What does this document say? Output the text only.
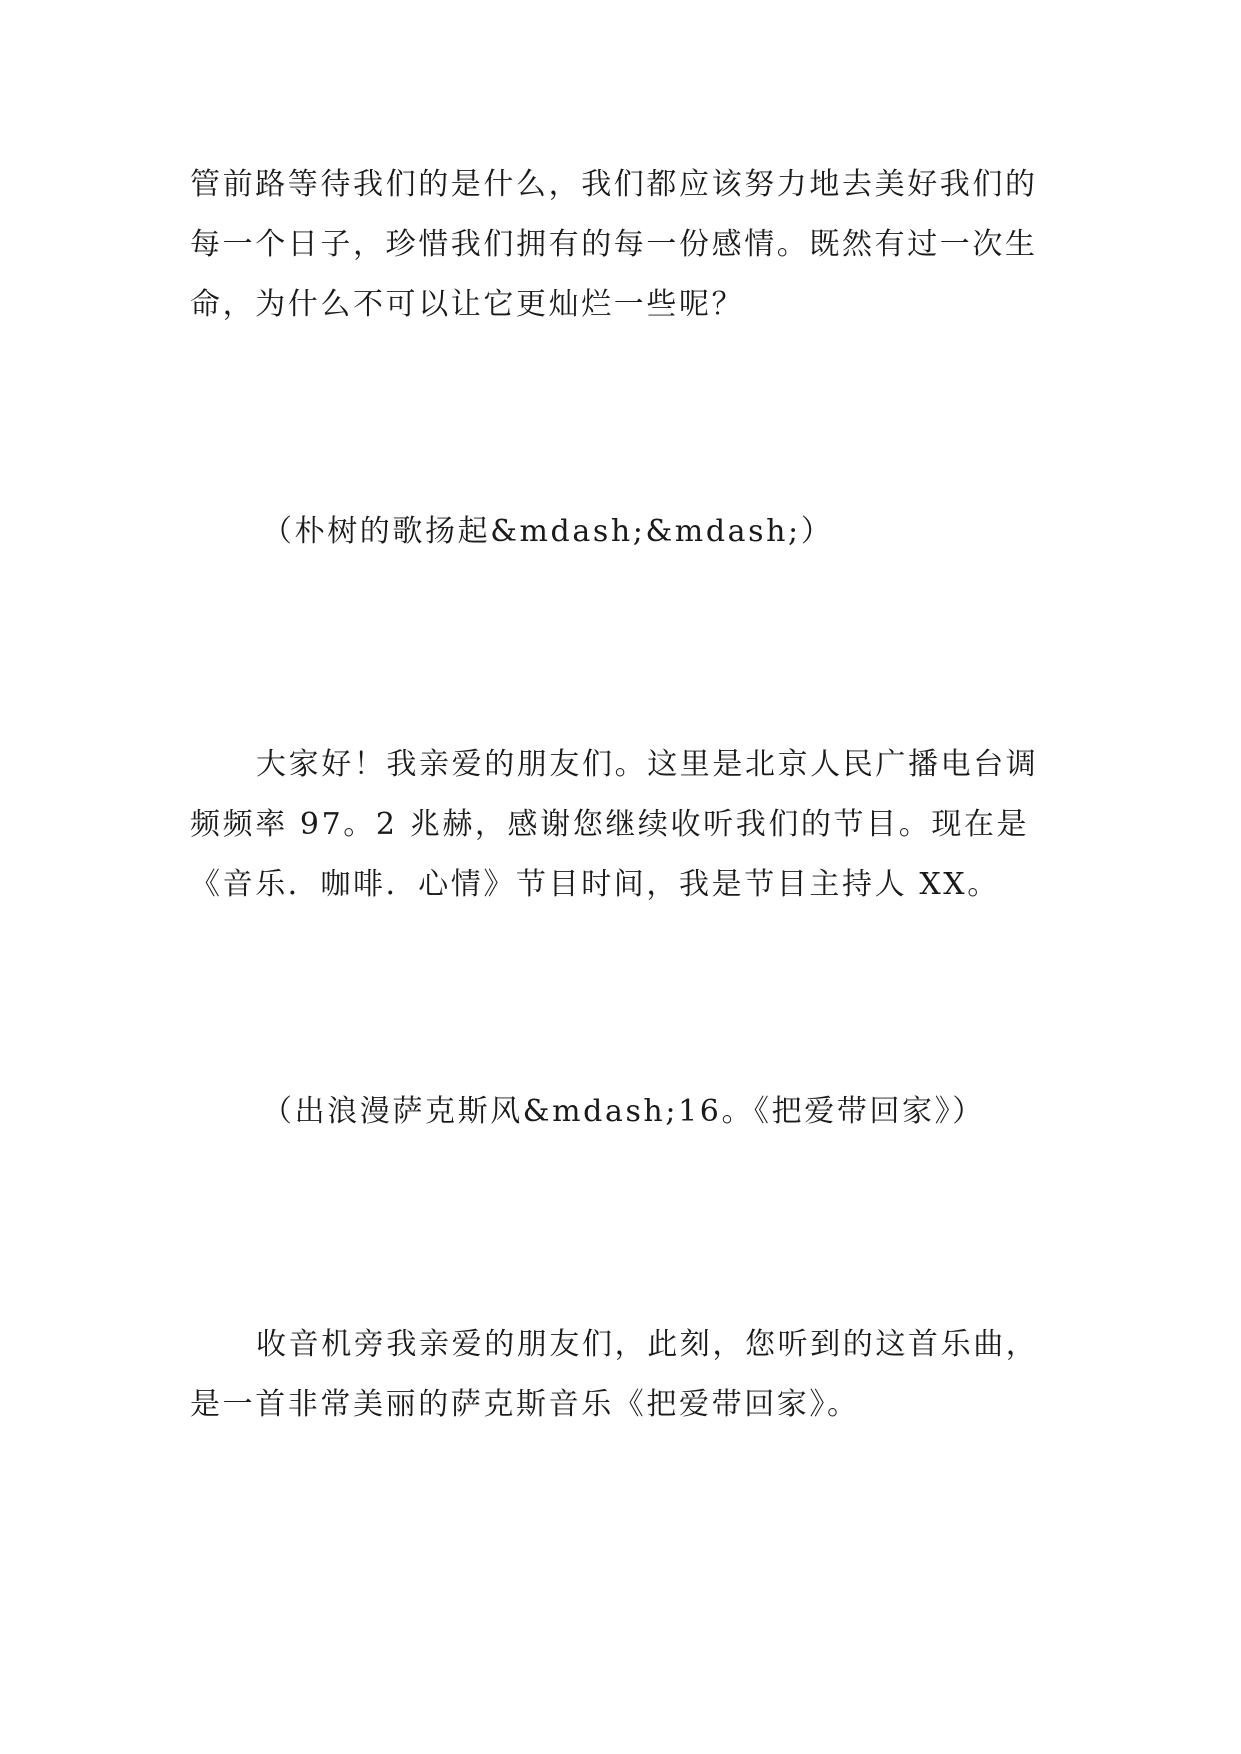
管前路等待我们的是什么，我们都应该努力地去美好我们的
每一个日子，珍惜我们拥有的每一份感情。既然有过一次生
命，为什么不可以让它更灿烂一些呢？
（朴树的歌扬起&mdash;&mdash;）
大家好！我亲爱的朋友们。这里是北京人民广播电台调
频频率 97。2 兆赫，感谢您继续收听我们的节目。现在是
《音乐．咖啡．心情》节目时间，我是节目主持人 XX。
（出浪漫萨克斯风&mdash;16。《把爱带回家》）
收音机旁我亲爱的朋友们，此刻，您听到的这首乐曲，
是一首非常美丽的萨克斯音乐《把爱带回家》。
